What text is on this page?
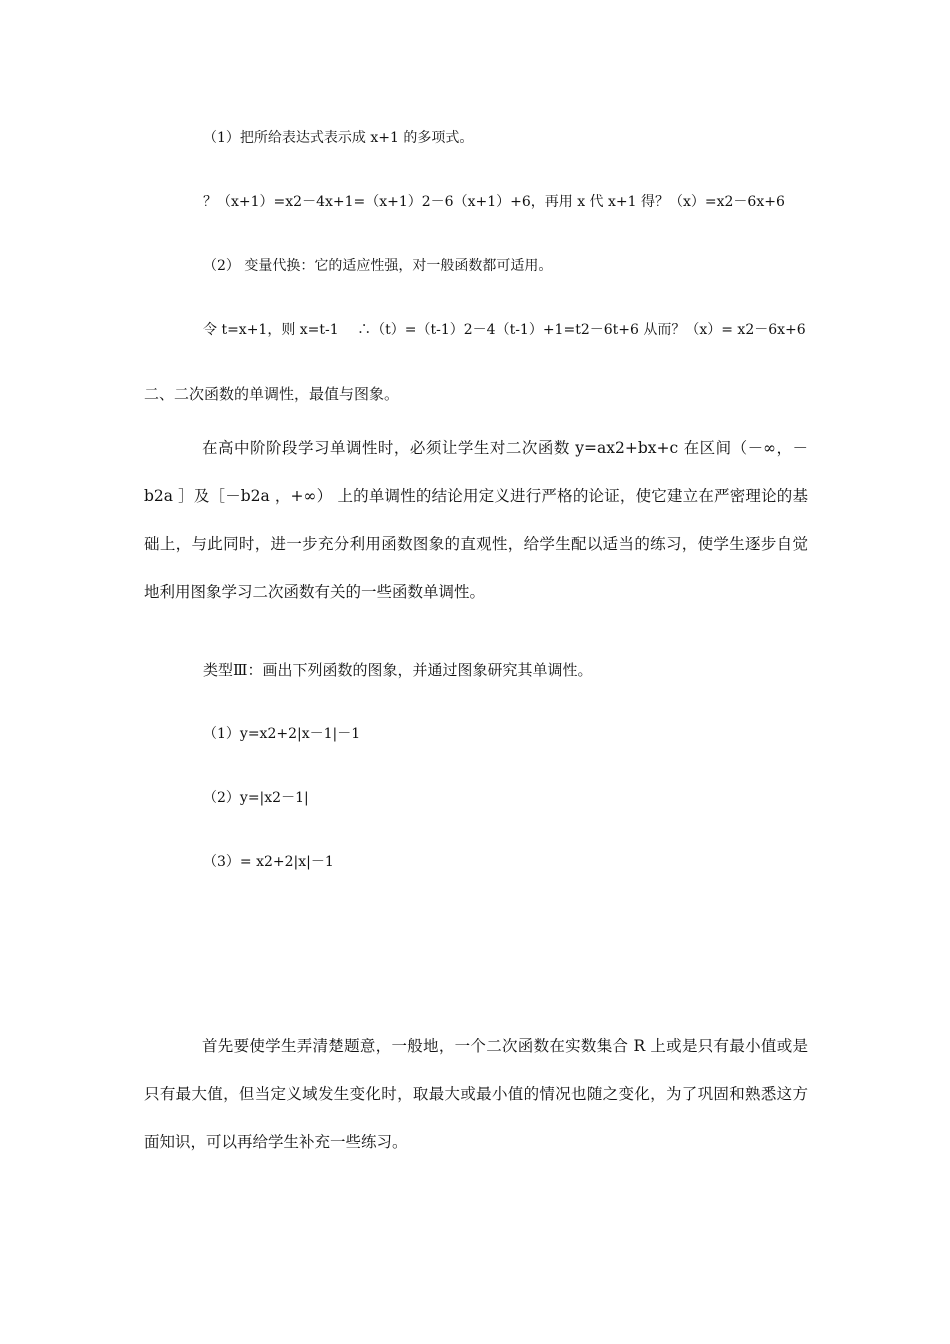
（1）把所给表达式表示成 x+1 的多项式。
？（x+1）=x2－4x+1=（x+1）2－6（x+1）+6，再用 x 代 x+1 得？（x）=x2－6x+6
（2） 变量代换：它的适应性强，对一般函数都可适用。
令 t=x+1，则 x=t-1　 ∴（t）=（t-1）2－4（t-1）+1=t2－6t+6 从而？（x）= x2－6x+6
二、二次函数的单调性，最值与图象。
在高中阶阶段学习单调性时，必须让学生对二次函数 y=ax2+bx+c 在区间（－∞，－b2a ］及［－b2a ，+∞） 上的单调性的结论用定义进行严格的论证，使它建立在严密理论的基础上，与此同时，进一步充分利用函数图象的直观性，给学生配以适当的练习，使学生逐步自觉地利用图象学习二次函数有关的一些函数单调性。
类型Ⅲ：画出下列函数的图象，并通过图象研究其单调性。
（1）y=x2+2|x－1|－1
（2）y=|x2－1|
（3）= x2+2|x|－1
首先要使学生弄清楚题意，一般地，一个二次函数在实数集合 R 上或是只有最小值或是只有最大值，但当定义域发生变化时，取最大或最小值的情况也随之变化，为了巩固和熟悉这方面知识，可以再给学生补充一些练习。
